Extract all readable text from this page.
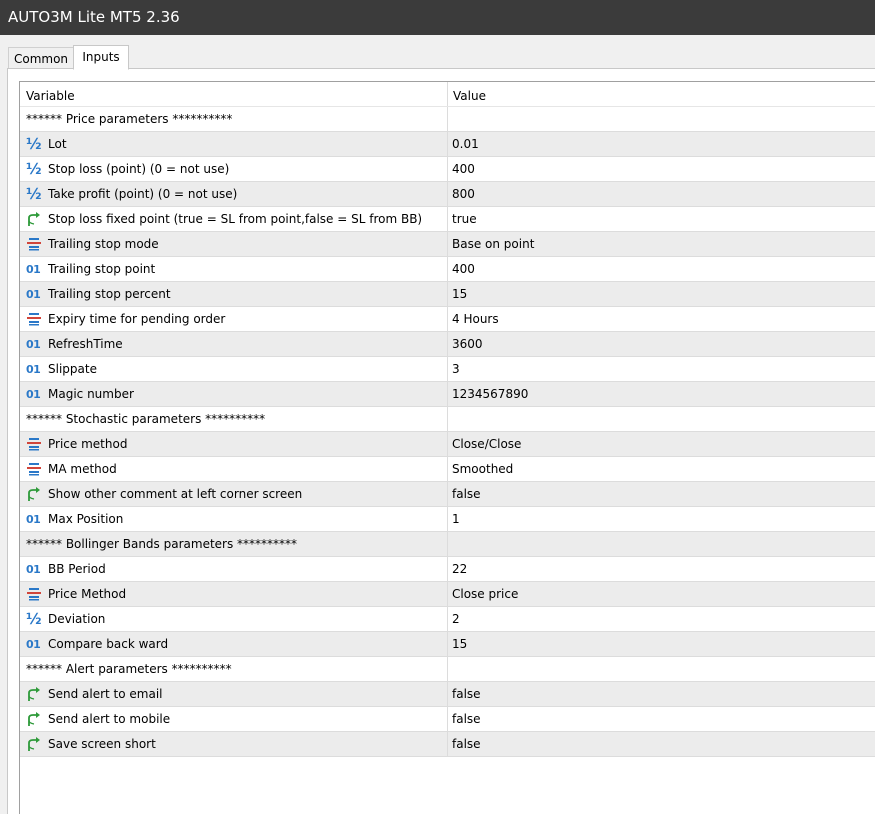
AUTO3M Lite MT5 2.36
Common	Inputs
Variable	Value
****** Price parameters **********
½ Lot	0.01
½ Stop loss (point) (0 = not use)	400
½ Take profit (point) (0 = not use)	800
Stop loss fixed point (true = SL from point,false = SL from BB)	true
Trailing stop mode	Base on point
01 Trailing stop point	400
01 Trailing stop percent	15
Expiry time for pending order	4 Hours
01 RefreshTime	3600
01 Slippate	3
01 Magic number	1234567890
****** Stochastic parameters **********
Price method	Close/Close
MA method	Smoothed
Show other comment at left corner screen	false
01 Max Position	1
****** Bollinger Bands parameters **********
01 BB Period	22
Price Method	Close price
½ Deviation	2
01 Compare back ward	15
****** Alert parameters **********
Send alert to email	false
Send alert to mobile	false
Save screen short	false
